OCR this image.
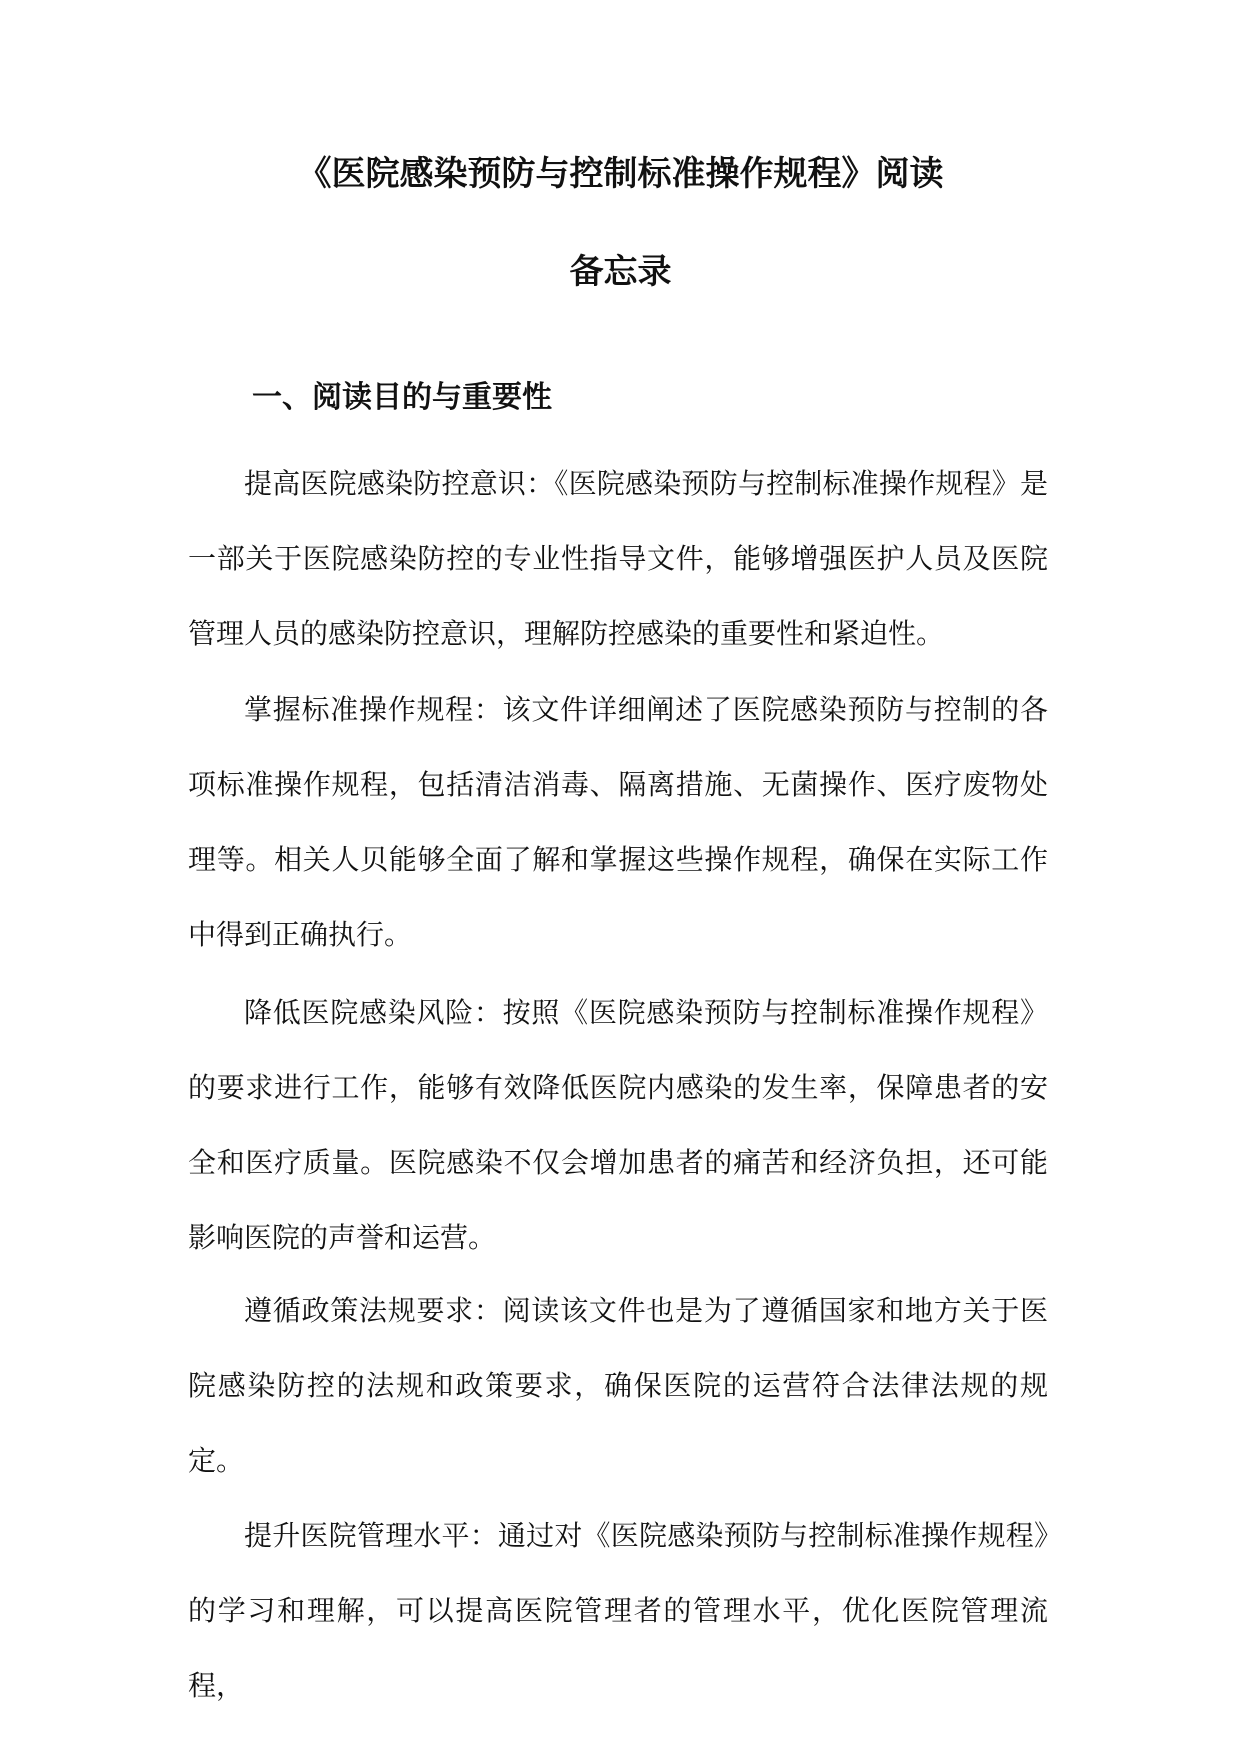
《医院感染预防与控制标准操作规程》阅读
备忘录
一、阅读目的与重要性

提高医院感染防控意识：《医院感染预防与控制标准操作规程》是一部关于医院感染防控的专业性指导文件，能够增强医护人员及医院管理人员的感染防控意识，理解防控感染的重要性和紧迫性。

掌握标准操作规程：该文件详细阐述了医院感染预防与控制的各项标准操作规程，包括清洁消毒、隔离措施、无菌操作、医疗废物处理等。相关人贝能够全面了解和掌握这些操作规程，确保在实际工作中得到正确执行。

降低医院感染风险：按照《医院感染预防与控制标准操作规程》的要求进行工作，能够有效降低医院内感染的发生率，保障患者的安全和医疗质量。医院感染不仅会增加患者的痛苦和经济负担，还可能影响医院的声誉和运营。

遵循政策法规要求：阅读该文件也是为了遵循国家和地方关于医院感染防控的法规和政策要求，确保医院的运营符合法律法规的规定。

提升医院管理水平：通过对《医院感染预防与控制标准操作规程》的学习和理解，可以提高医院管理者的管理水平，优化医院管理流程，
